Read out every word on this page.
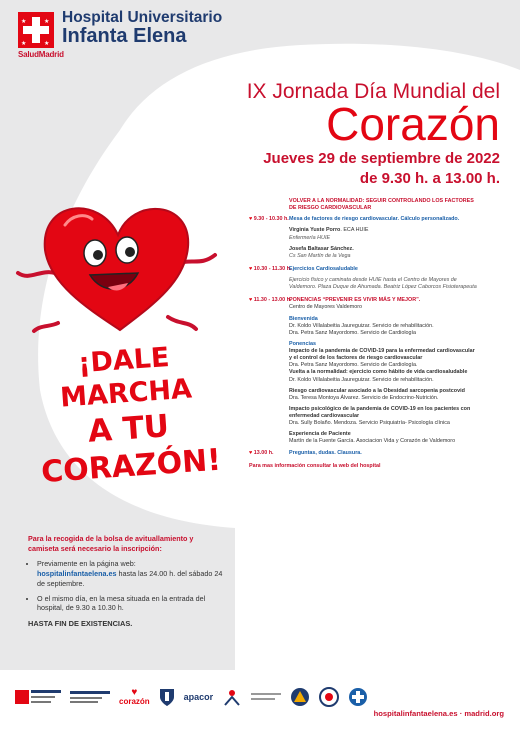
★	★
★	★
SaludMadrid
Hospital Universitario
Infanta Elena
IX Jornada Día Mundial del
Corazón
Jueves 29 de septiembre de 2022
de 9.30 h. a 13.00 h.
VOLVER A LA NORMALIDAD: SEGUIR CONTROLANDO LOS FACTORES
DE RIESGO CARDIOVASCULAR
♥ 9.30 - 10.30 h. Mesa de factores de riesgo cardiovascular. Cálculo personalizado.
Virginia Yuste Porro. ECA HUIE
Enfermería HUIE
Josefa Baltasar Sánchez.
Cs San Martín de la Vega
♥ 10.30 - 11.30 h.
Ejercicios Cardiosaludable
Ejercicio físico y caminata desde HUIE hasta el Centro de Mayores de
Valdemoro. Plaza Duque de Ahumada. Beatriz López Caborcos Fisioterapeuta
♥ 11.30 - 13.00 h.
PONENCIAS “PREVENIR ES VIVIR MÁS Y MEJOR”.
Centro de Mayores Valdemoro
Bienvenida
Dr. Koldo Villalabeitia Jaureguizar. Servicio de rehabilitación.
Dra. Petra Sanz Mayordomo. Servicio de Cardiología
Ponencias
Impacto de la pandemia de COVID-19 para la enfermedad cardiovascular
y el control de los factores de riesgo cardiovascular
Dra. Petra Sanz Mayordomo. Servicio de Cardiología.
Vuelta a la normalidad: ejercicio como hábito de vida cardiosaludable
Dr. Koldo Villalabeitia Jaureguizar. Servicio de rehabilitación.
Riesgo cardiovascular asociado a la Obesidad sarcopenia postcovid
Dra. Teresa Montoya Álvarez. Servicio de Endocrino-Nutrición.
Impacto psicológico de la pandemia de COVID-19 en los pacientes con
enfermedad cardiovascular
Dra. Sully Bolaño. Mendoza. Servicio Psiquiatría- Psicología clínica
Experiencia de Paciente
Martín de la Fuente García. Asociacion Vida y Corazón de Valdemoro
♥ 13.00 h.	Preguntas, dudas. Clausura.
Para mas información consultar la web del hospital
¡DALE
MARCHA
A TU
CORAZÓN!
Para la recogida de la bolsa de avituallamiento y camiseta será necesario la inscripción:
• Previamente en la página web:
hospitalinfantaelena.es hasta las 24.00 h. del sábado 24 de septiembre.
• O el mismo día, en la mesa situada en la entrada del hospital, de 9.30 a 10.30 h.
HASTA FIN DE EXISTENCIAS.
♥
corazón	apacor
hospitalinfantaelena.es · madrid.org
